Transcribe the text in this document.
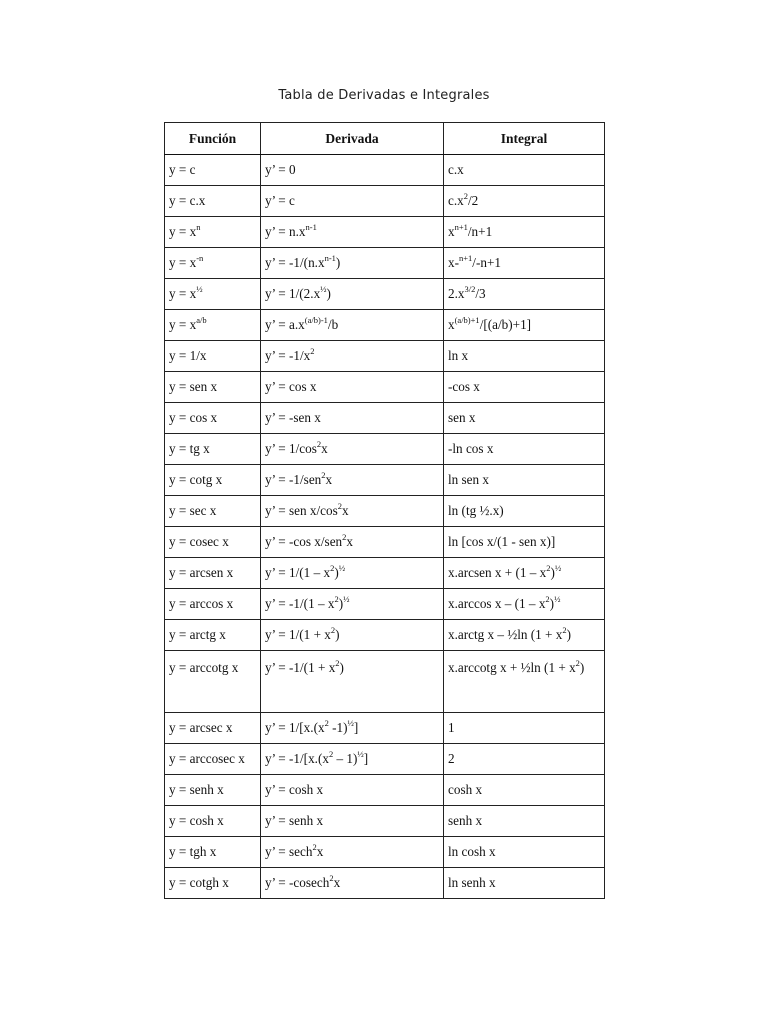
Tabla de Derivadas e Integrales
Función	Derivada	Integral
y = c	y’ = 0	c.x
y = c.x	y’ = c	$c.x^2/2$
$y = x^n$	y’ = $n.x^{n-1}$	$x^{n+1}/n+1$
$y = x^{-n}$	y’ = $-1/(n.x^{n-1})$	x-$^{n+1}$/-n+1
$y = x^{\frac{1}{2}}$	y’ = $1/(2.x^{\frac{1}{2}})$	$2.x^{3/2}/3$
$y = x^{a/b}$	y’ = $a.x^{(a/b)-1}/b$	$x^{(a/b)+1}/[(a/b)+1]$
y = 1/x	y’ = $-1/x^2$	ln x
y = sen x	y’ = cos x	-cos x
y = cos x	y’ = -sen x	sen x
y = tg x	y’ = $1/\cos^2x$	-ln cos x
y = cotg x	y’ = -1/sen$^2$x	ln sen x
y = sec x	y’ = sen $x/\cos^2x$	ln (tg ½.x)
y = cosec x	y’ = -cos x/sen$^2$x	ln [cos x/(1 - sen x)]
y = arcsen x	y’ = $1/(1 - x^2)^{\frac{1}{2}}$	x.arcsen $x + (1 - x^2)^{\frac{1}{2}}$
y = arccos x	y’ = $-1/(1 - x^2)^{\frac{1}{2}}$	x.arccos x – $(1 - x^2)^{\frac{1}{2}}$
y = arctg x	y’ = $1/(1 + x^2)$	x.arctg x – ½ln $(1 + x^2)$
y = arccotg x	y’ = $-1/(1 + x^2)$	x.arccotg x + ½ln $(1 + x^2)$
y = arcsec x	y’ = $1/[x.(x^2$ -1)$^{\frac{1}{2}}$]	1
y = arccosec x	y’ = $-1/[x.(x^2 - 1)^{\frac{1}{2}}]$	2
y = senh x	y’ = cosh x	cosh x
y = cosh x	y’ = senh x	senh x
y = tgh x	y’ = sech$^2$x	ln cosh x
y = cotgh x	y’ = -cosech$^2$x	ln senh x
